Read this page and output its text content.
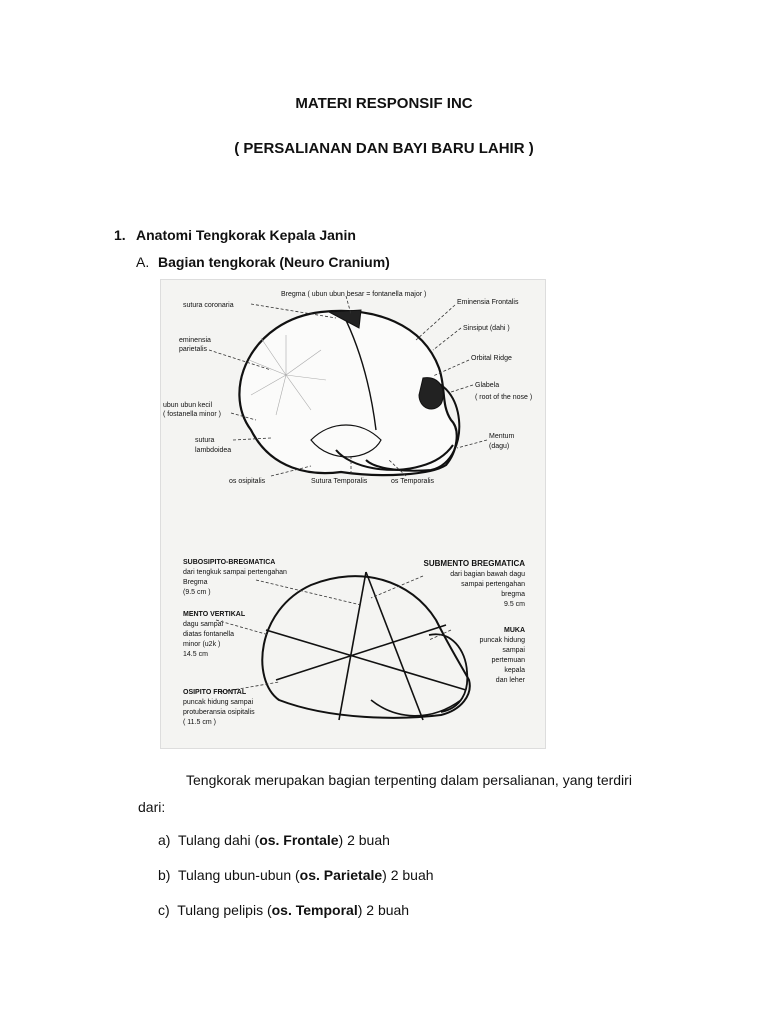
MATERI RESPONSIF INC
( PERSALIANAN DAN BAYI BARU LAHIR )
1. Anatomi Tengkorak Kepala Janin
A. Bagian tengkorak (Neuro Cranium)
Bregma ( ubun ubun besar = fontanella major )
sutura coronaria	Eminensia Frontalis
Sinsiput (dahi )
eminensia
parietalis
Orbital Ridge
Glabela
( root of the nose )
ubun ubun kecil
( fostanella minor )
Mentum
(dagu)
sutura
lambdoidea
os osipitalis	Sutura Temporalis	os Temporalis
SUBOSIPITO-BREGMATICA
dari tengkuk sampai pertengahan
Bregma
(9.5 cm )
MENTO VERTIKAL
dagu sampai
diatas fontanella
minor (u2k )
14.5 cm
OSIPITO FRONTAL
puncak hidung sampai
protuberansia osipitalis
( 11.5 cm )
SUBMENTO BREGMATICA
dari bagian bawah dagu
sampai pertengahan
bregma
9.5 cm
MUKA
puncak hidung
sampai
pertemuan
kepala
dan leher
Tengkorak merupakan bagian terpenting dalam persalianan, yang terdiri
dari:
a) Tulang dahi (os. Frontale) 2 buah
b) Tulang ubun-ubun (os. Parietale) 2 buah
c) Tulang pelipis (os. Temporal) 2 buah
